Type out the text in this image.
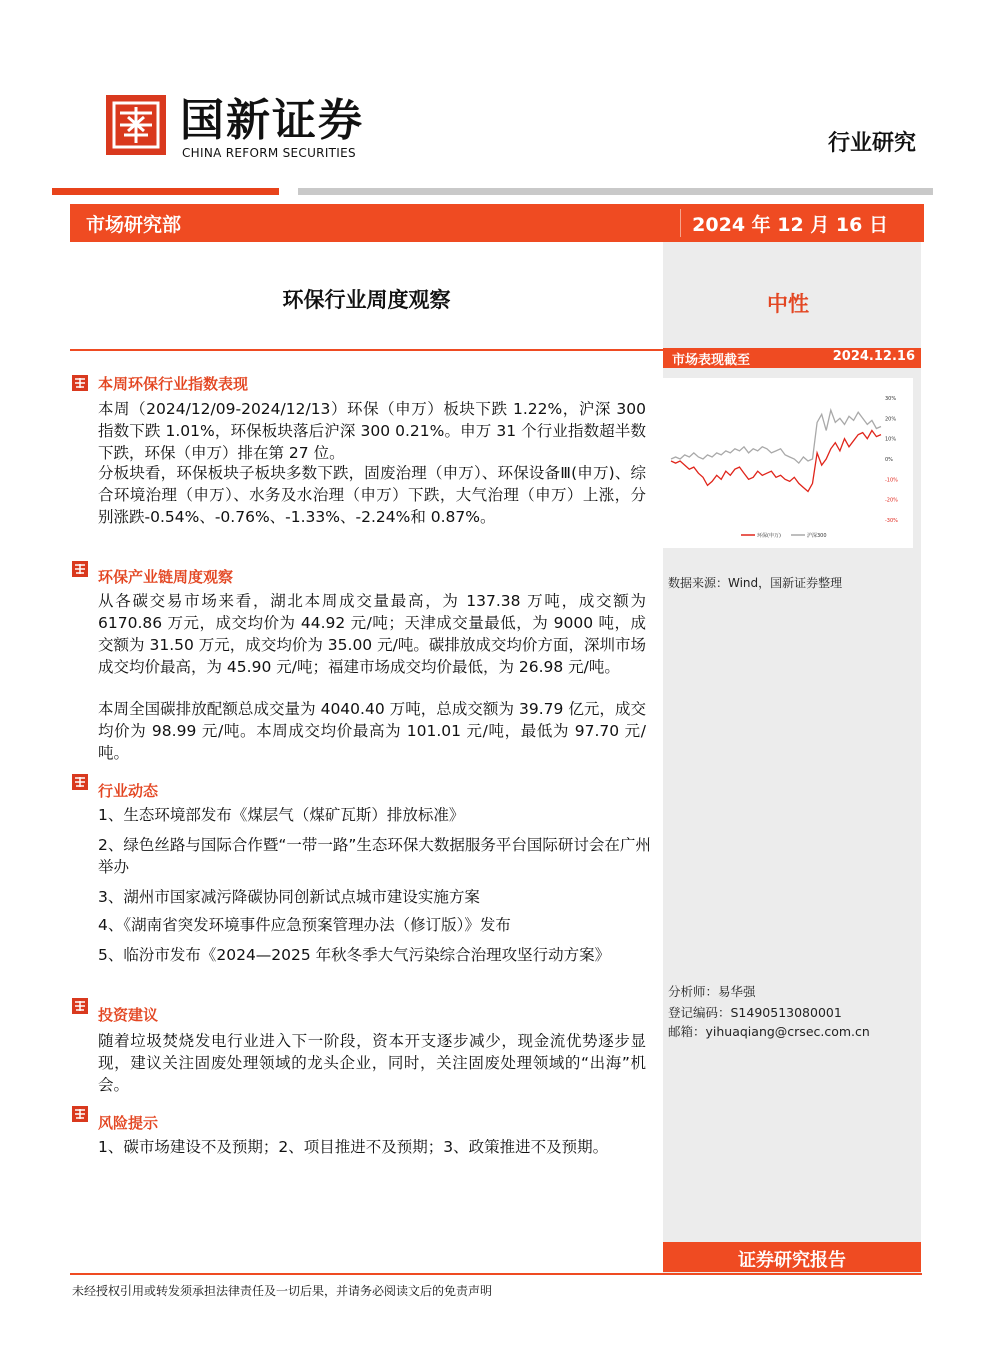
国新证券
CHINA REFORM SECURITIES	行业研究
市场研究部	2024 年 12 月 16 日
中性
环保行业周度观察
市场表现截至	2024.12.16
30%
20%
10%
0%
-10%
-20%
-30%
环保(申万)	沪深300
数据来源：Wind，国新证券整理
分析师：易华强
登记编码：S1490513080001
邮箱：yihuaqiang@crsec.com.cn
本周环保行业指数表现
本周（2024/12/09-2024/12/13）环保（申万）板块下跌 1.22%，沪深 300 指数下跌 1.01%，环保板块落后沪深 300 0.21%。申万 31 个行业指数超半数下跌，环保（申万）排在第 27 位。
分板块看，环保板块子板块多数下跌，固废治理（申万）、环保设备Ⅲ(申万)、综合环境治理（申万）、水务及水治理（申万）下跌，大气治理（申万）上涨，分别涨跌-0.54%、-0.76%、-1.33%、-2.24%和 0.87%。
环保产业链周度观察
从各碳交易市场来看，湖北本周成交量最高，为 137.38 万吨，成交额为 6170.86 万元，成交均价为 44.92 元/吨；天津成交量最低，为 9000 吨，成交额为 31.50 万元，成交均价为 35.00 元/吨。碳排放成交均价方面，深圳市场成交均价最高，为 45.90 元/吨；福建市场成交均价最低，为 26.98 元/吨。
本周全国碳排放配额总成交量为 4040.40 万吨，总成交额为 39.79 亿元，成交均价为 98.99 元/吨。本周成交均价最高为 101.01 元/吨，最低为 97.70 元/吨。
行业动态
1、生态环境部发布《煤层气（煤矿瓦斯）排放标准》
2、绿色丝路与国际合作暨“一带一路”生态环保大数据服务平台国际研讨会在广州举办
3、湖州市国家减污降碳协同创新试点城市建设实施方案
4、《湖南省突发环境事件应急预案管理办法（修订版）》发布
5、临汾市发布《2024—2025 年秋冬季大气污染综合治理攻坚行动方案》
投资建议
随着垃圾焚烧发电行业进入下一阶段，资本开支逐步减少，现金流优势逐步显现，建议关注固废处理领域的龙头企业，同时，关注固废处理领域的“出海”机会。
风险提示
1、碳市场建设不及预期；2、项目推进不及预期；3、政策推进不及预期。
证券研究报告
未经授权引用或转发须承担法律责任及一切后果，并请务必阅读文后的免责声明
